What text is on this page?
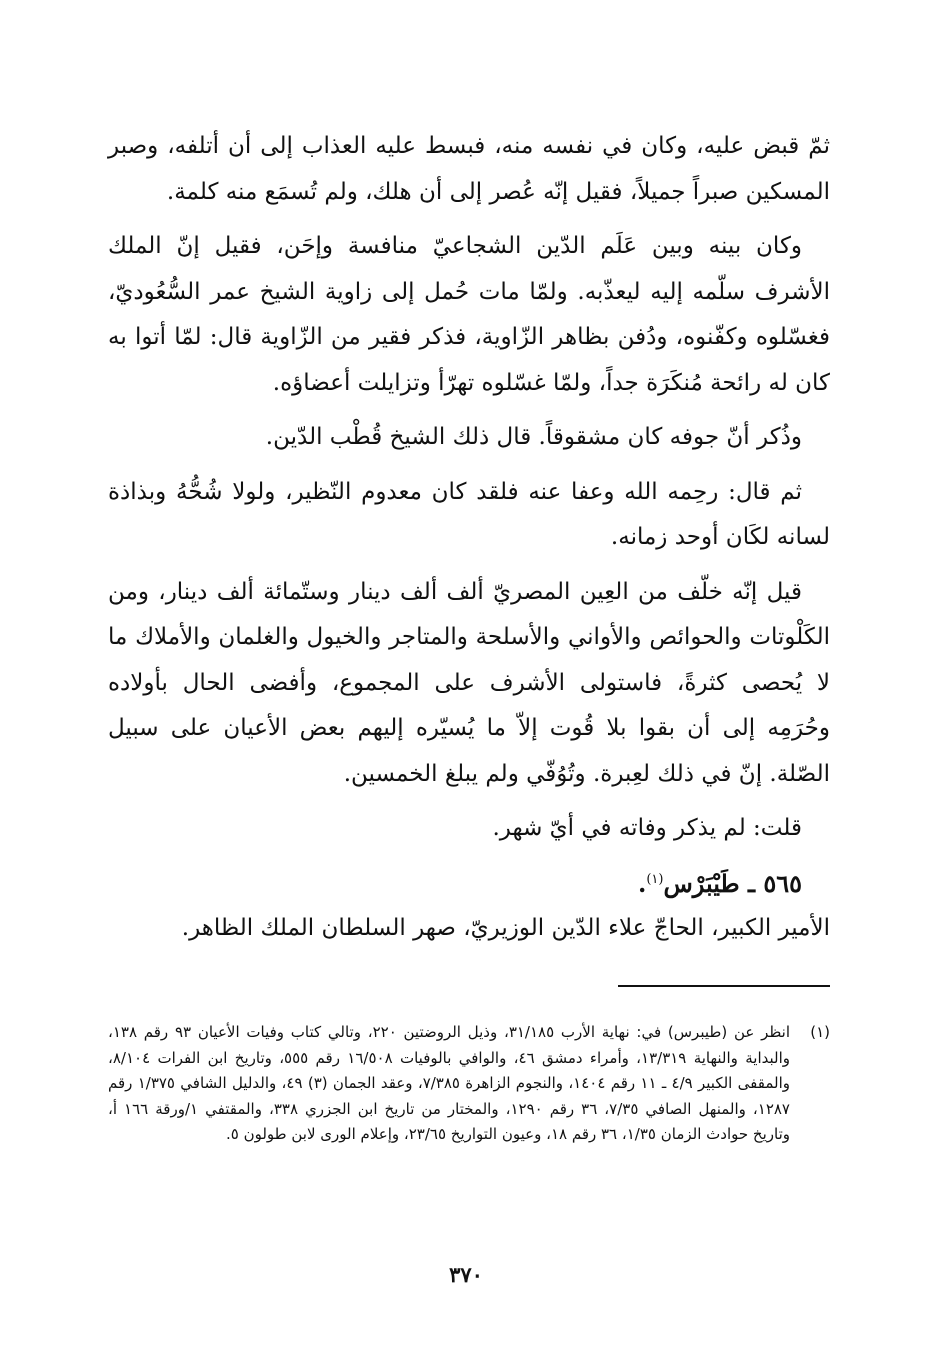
ثمّ قبض عليه، وكان في نفسه منه، فبسط عليه العذاب إلى أن أتلفه، وصبر المسكين صبراً جميلاً، فقيل إنّه عُصر إلى أن هلك، ولم تُسمَع منه كلمة.

وكان بينه وبين عَلَم الدّين الشجاعيّ منافسة وإحَن، فقيل إنّ الملك الأشرف سلّمه إليه ليعذّبه. ولمّا مات حُمل إلى زاوية الشيخ عمر السُّعُوديّ، فغسّلوه وكفّنوه، ودُفن بظاهر الزّاوية، فذكر فقير من الزّاوية قال: لمّا أتوا به كان له رائحة مُنكَرَة جداً، ولمّا غسّلوه تهرّأ وتزايلت أعضاؤه.

وذُكر أنّ جوفه كان مشقوقاً. قال ذلك الشيخ قُطْب الدّين.

ثم قال: رحِمه الله وعفا عنه فلقد كان معدوم النّظير، ولولا شُحُّهُ وبذاذة لسانه لكَان أوحد زمانه.

قيل إنّه خلّف من العِين المصريّ ألف ألف دينار وستّمائة ألف دينار، ومن الكَلْوتات والحوائص والأواني والأسلحة والمتاجر والخيول والغلمان والأملاك ما لا يُحصى كثرةً، فاستولى الأشرف على المجموع، وأفضى الحال بأولاده وحُرَمِه إلى أن بقوا بلا قُوت إلاّ ما يُسيّره إليهم بعض الأعيان على سبيل الصّلة. إنّ في ذلك لعِبرة. وتُوُفّي ولم يبلغ الخمسين.

قلت: لم يذكر وفاته في أيّ شهر.

٥٦٥ ـ طَيْبَرْس$^{(١)}$.

الأمير الكبير، الحاجّ علاء الدّين الوزيريّ، صهر السلطان الملك الظاهر.

(١)
انظر عن (طيبرس) في: نهاية الأرب ٣١/١٨٥، وذيل الروضتين ٢٢٠، وتالي كتاب وفيات الأعيان ٩٣ رقم ١٣٨، والبداية والنهاية ١٣/٣١٩، وأمراء دمشق ٤٦، والوافي بالوفيات ١٦/٥٠٨ رقم ٥٥٥، وتاريخ ابن الفرات ٨/١٠٤، والمقفى الكبير ٤/٩ ـ ١١ رقم ١٤٠٤، والنجوم الزاهرة ٧/٣٨٥، وعقد الجمان (٣) ٤٩، والدليل الشافي ١/٣٧٥ رقم ١٢٨٧، والمنهل الصافي ٧/٣٥، ٣٦ رقم ١٢٩٠، والمختار من تاريخ ابن الجزري ٣٣٨، والمقتفي ١/ورقة ١٦٦ أ، وتاريخ حوادث الزمان ١/٣٥، ٣٦ رقم ١٨، وعيون التواريخ ٢٣/٦٥، وإعلام الورى لابن طولون ٥.
٣٧٠
